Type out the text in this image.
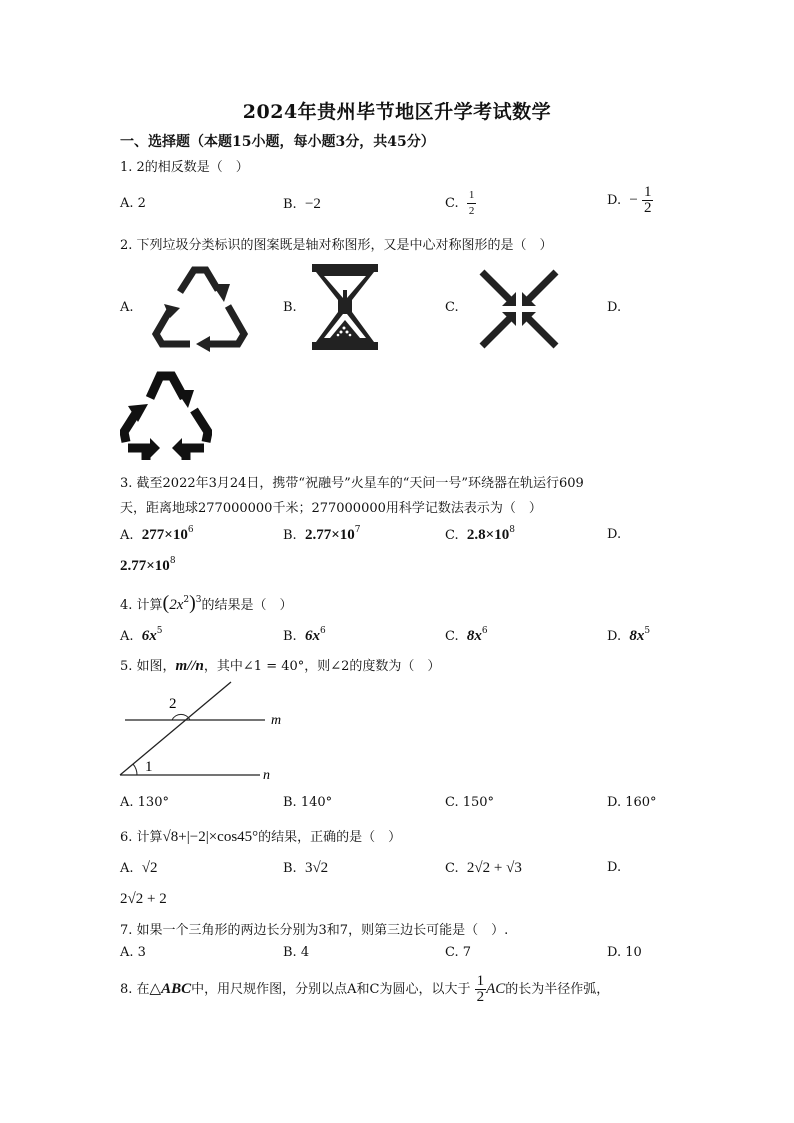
2024年贵州毕节地区升学考试数学
一、选择题（本题15小题，每小题3分，共45分）
1. 2的相反数是（　）
A. 2	B. −2	C. $\frac{1}{2}$	D. − $\frac{1}{2}$
2. 下列垃圾分类标识的图案既是轴对称图形，又是中心对称图形的是（　）
A.	B.	C.	D.
3. 截至2022年3月24日，携带“祝融号”火星车的“天问一号”环绕器在轨运行609
天，距离地球277000000千米；277000000用科学记数法表示为（　）
A. $277\times 10^6$	B. $2.77\times 10^7$	C. $2.8\times 10^8$	D.
$2.77\times 10^8$
4. 计算$(2x^2)^3$的结果是（　）
A. $6x^5$	B. $6x^6$	C. $8x^6$	D. $8x^5$
5. 如图，m//n，其中∠1 = 40°，则∠2的度数为（　）
2
1
m
n
A. 130°	B. 140°	C. 150°	D. 160°
6. 计算√8+|−2|×cos45°的结果，正确的是（　）
A. √2	B. 3√2	C. 2√2 + √3	D.
2√2 + 2
7. 如果一个三角形的两边长分别为3和7，则第三边长可能是（　）.
A. 3	B. 4	C. 7	D. 10
8. 在△ABC中，用尺规作图，分别以点A和C为圆心，以大于 $\frac{1}{2}$ AC的长为半径作弧，
